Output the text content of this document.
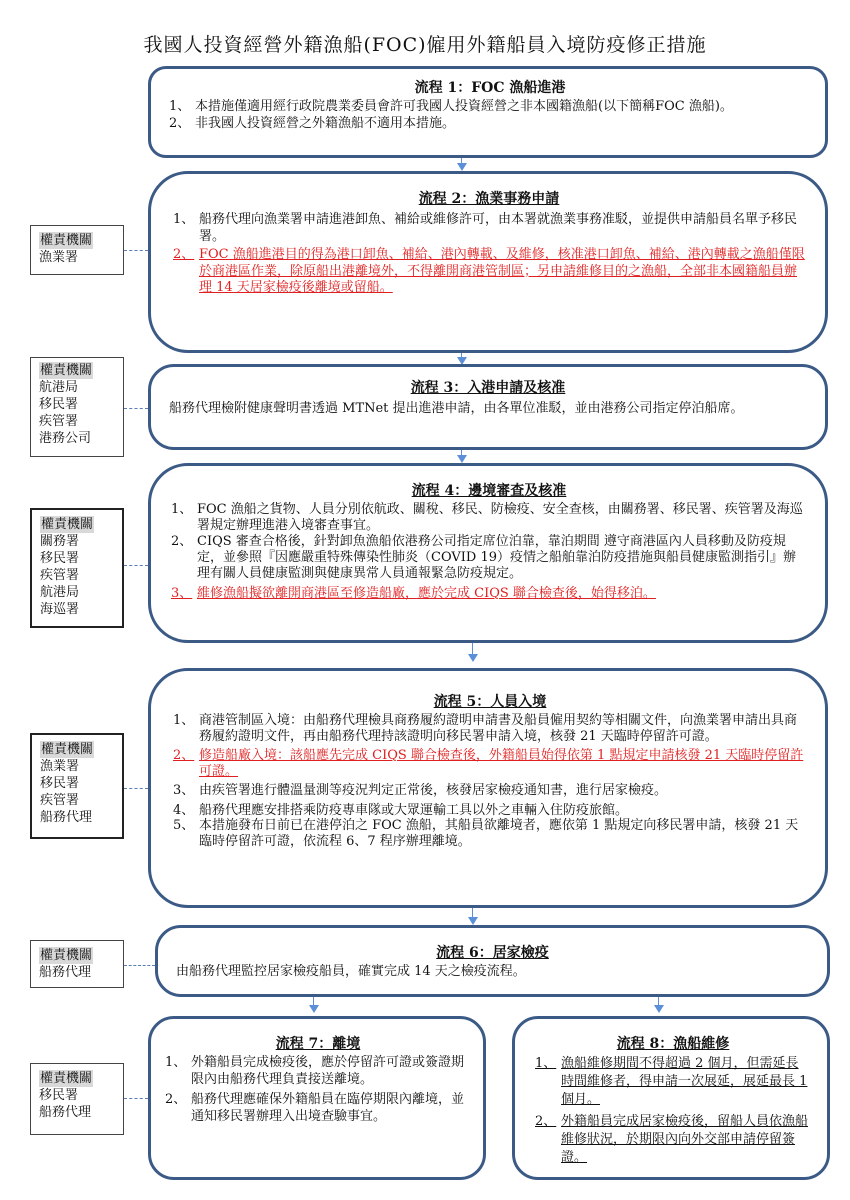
我國人投資經營外籍漁船(FOC)僱用外籍船員入境防疫修正措施
流程 1：FOC 漁船進港
1、 本措施僅適用經行政院農業委員會許可我國人投資經營之非本國籍漁船(以下簡稱FOC 漁船)。
2、 非我國人投資經營之外籍漁船不適用本措施。
流程 2：漁業事務申請
1、 船務代理向漁業署申請進港卸魚、補給或維修許可，由本署就漁業事務准駁，並提供申請船員名單予移民署。
2、 FOC 漁船進港目的得為港口卸魚、補給、港內轉載、及維修，核准港口卸魚、補給、港內轉載之漁船僅限於商港區作業，除原船出港離境外，不得離開商港管制區；另申請維修目的之漁船，全部非本國籍船員辦理 14 天居家檢疫後離境或留船。
權責機關
漁業署
流程 3：入港申請及核准
船務代理檢附健康聲明書透過 MTNet 提出進港申請，由各單位准駁，並由港務公司指定停泊船席。
權責機關
航港局
移民署
疾管署
港務公司
流程 4：邊境審查及核准
1、 FOC 漁船之貨物、人員分別依航政、關稅、移民、防檢疫、安全查核，由關務署、移民署、疾管署及海巡署規定辦理進港入境審查事宜。
2、 CIQS 審查合格後，針對卸魚漁船依港務公司指定席位泊靠，靠泊期間 遵守商港區內人員移動及防疫規定，並參照『因應嚴重特殊傳染性肺炎（COVID 19）疫情之船舶靠泊防疫措施與船員健康監測指引』辦理有關人員健康監測與健康異常人員通報緊急防疫規定。
3、 維修漁船擬欲離開商港區至修造船廠，應於完成 CIQS 聯合檢查後，始得移泊。
權責機關
關務署
移民署
疾管署
航港局
海巡署
流程 5：人員入境
1、 商港管制區入境：由船務代理檢具商務履約證明申請書及船員僱用契約等相關文件，向漁業署申請出具商務履約證明文件，再由船務代理持該證明向移民署申請入境，核發 21 天臨時停留許可證。
2、 修造船廠入境：該船應先完成 CIQS 聯合檢查後，外籍船員始得依第 1 點規定申請核發 21 天臨時停留許可證。
3、 由疾管署進行體溫量測等疫況判定正常後，核發居家檢疫通知書，進行居家檢疫。
4、 船務代理應安排搭乘防疫專車隊或大眾運輸工具以外之車輛入住防疫旅館。
5、 本措施發布日前已在港停泊之 FOC 漁船，其船員欲離境者，應依第 1 點規定向移民署申請，核發 21 天臨時停留許可證，依流程 6、7 程序辦理離境。
權責機關
漁業署
移民署
疾管署
船務代理
流程 6：居家檢疫
由船務代理監控居家檢疫船員，確實完成 14 天之檢疫流程。
權責機關
船務代理
流程 7：離境
1、 外籍船員完成檢疫後，應於停留許可證或簽證期限內由船務代理負責接送離境。
2、 船務代理應確保外籍船員在臨停期限內離境，並通知移民署辦理入出境查驗事宜。
權責機關
移民署
船務代理
流程 8：漁船維修
1、 漁船維修期間不得超過 2 個月，但需延長時間維修者，得申請一次展延，展延最長 1 個月。
2、 外籍船員完成居家檢疫後，留船人員依漁船維修狀況，於期限內向外交部申請停留簽證。
